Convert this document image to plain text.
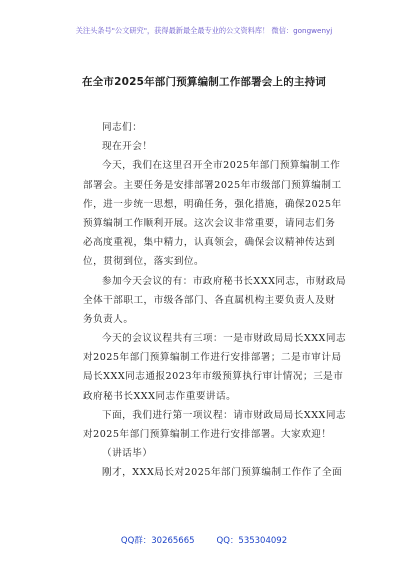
关注头条号"公文研究"，获得最新最全最专业的公文资料库！ 微信：gongwenyj
在全市2025年部门预算编制工作部署会上的主持词
同志们：
现在开会！
今天，我们在这里召开全市2025年部门预算编制工作
部署会。主要任务是安排部署2025年市级部门预算编制工
作，进一步统一思想，明确任务，强化措施，确保2025年
预算编制工作顺利开展。这次会议非常重要，请同志们务
必高度重视，集中精力，认真领会，确保会议精神传达到
位，贯彻到位，落实到位。
参加今天会议的有：市政府秘书长XXX同志，市财政局
全体干部职工，市级各部门、各直属机构主要负责人及财
务负责人。
今天的会议议程共有三项：一是市财政局局长XXX同志
对2025年部门预算编制工作进行安排部署；二是市审计局
局长XXX同志通报2023年市级预算执行审计情况；三是市
政府秘书长XXX同志作重要讲话。
下面，我们进行第一项议程：请市财政局局长XXX同志
对2025年部门预算编制工作进行安排部署。大家欢迎！
（讲话毕）
刚才，XXX局长对2025年部门预算编制工作作了全面
QQ群：30265665	QQ：535304092
